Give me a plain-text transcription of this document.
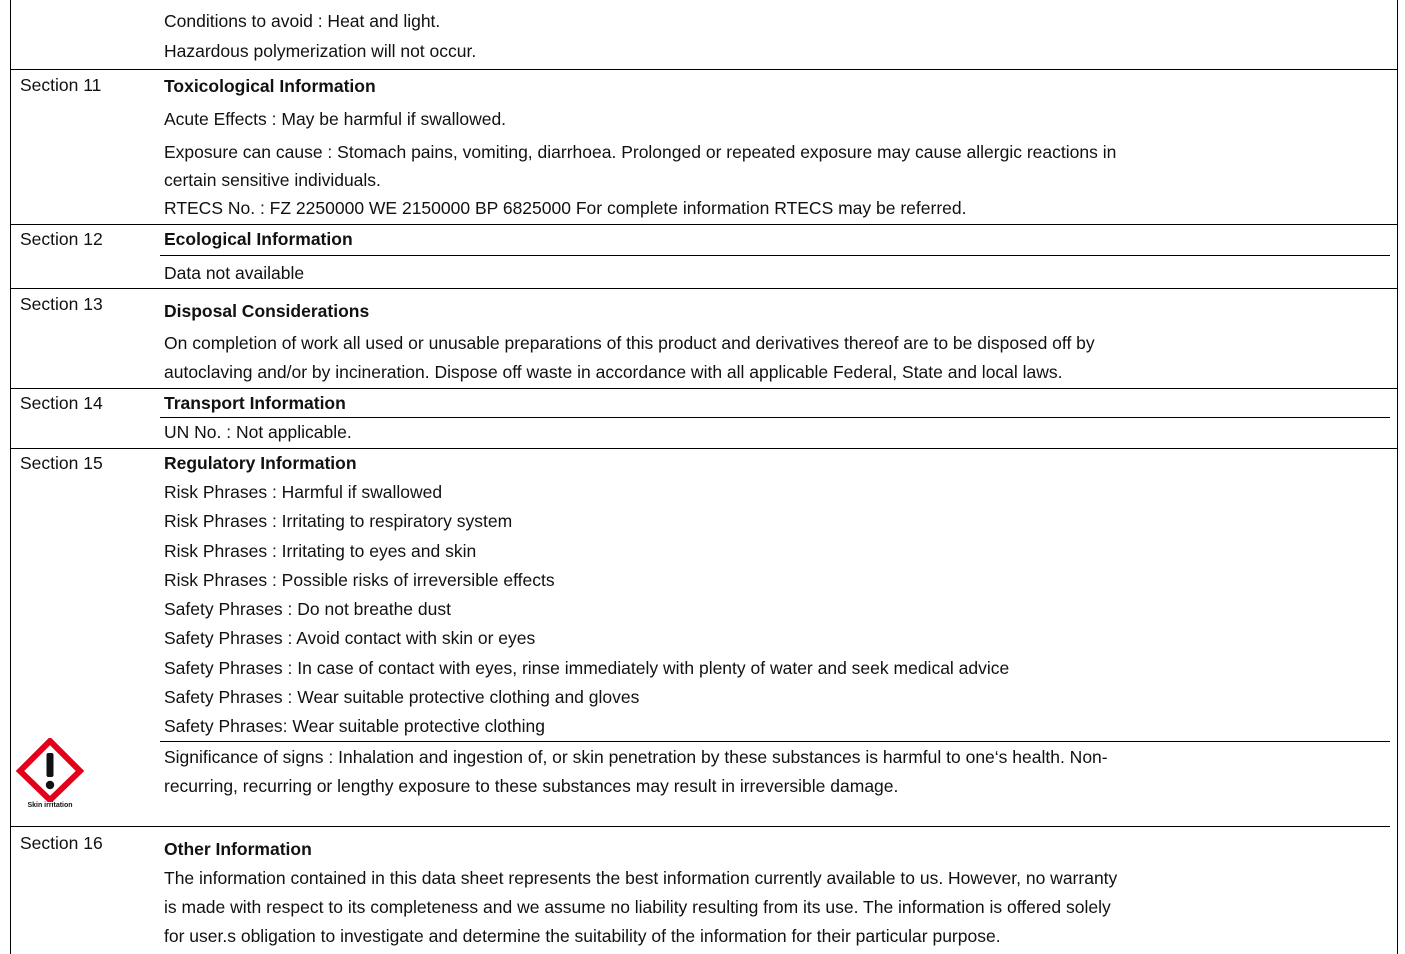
Conditions to avoid : Heat and light.
Hazardous polymerization will not occur.
Section 11	Toxicological Information
Acute Effects : May be harmful if swallowed.
Exposure can cause : Stomach pains, vomiting, diarrhoea. Prolonged or repeated exposure may cause allergic reactions in
certain sensitive individuals.
RTECS No. : FZ 2250000 WE 2150000 BP 6825000 For complete information RTECS may be referred.
Section 12	Ecological Information
Data not available
Section 13	Disposal Considerations
On completion of work all used or unusable preparations of this product and derivatives thereof are to be disposed off by
autoclaving and/or by incineration. Dispose off waste in accordance with all applicable Federal, State and local laws.
Section 14	Transport Information
UN No. : Not applicable.
Section 15	Regulatory Information
Risk Phrases : Harmful if swallowed
Risk Phrases : Irritating to respiratory system
Risk Phrases : Irritating to eyes and skin
Risk Phrases : Possible risks of irreversible effects
Safety Phrases : Do not breathe dust
Safety Phrases : Avoid contact with skin or eyes
Safety Phrases : In case of contact with eyes, rinse immediately with plenty of water and seek medical advice
Safety Phrases : Wear suitable protective clothing and gloves
Safety Phrases: Wear suitable protective clothing
Significance of signs : Inhalation and ingestion of, or skin penetration by these substances is harmful to one‘s health. Non-
recurring, recurring or lengthy exposure to these substances may result in irreversible damage.
Skin irritation
Section 16	Other Information
The information contained in this data sheet represents the best information currently available to us. However, no warranty
is made with respect to its completeness and we assume no liability resulting from its use. The information is offered solely
for user.s obligation to investigate and determine the suitability of the information for their particular purpose.
